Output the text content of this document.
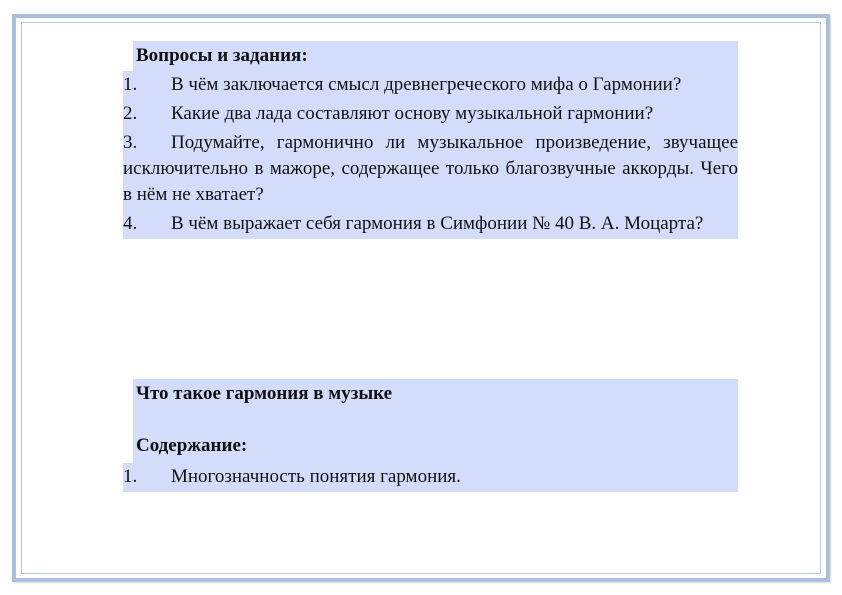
Вопросы и задания:
1. В чём заключается смысл древнегреческого мифа о Гармонии?
2. Какие два лада составляют основу музыкальной гармонии?
3. Подумайте, гармонично ли музыкальное произведение, звучащее исключительно в мажоре, содержащее только благозвучные аккорды. Чего в нём не хватает?
4. В чём выражает себя гармония в Симфонии № 40 В. А. Моцарта?
Что такое гармония в музыке
Содержание:
1. Многозначность понятия гармония.
